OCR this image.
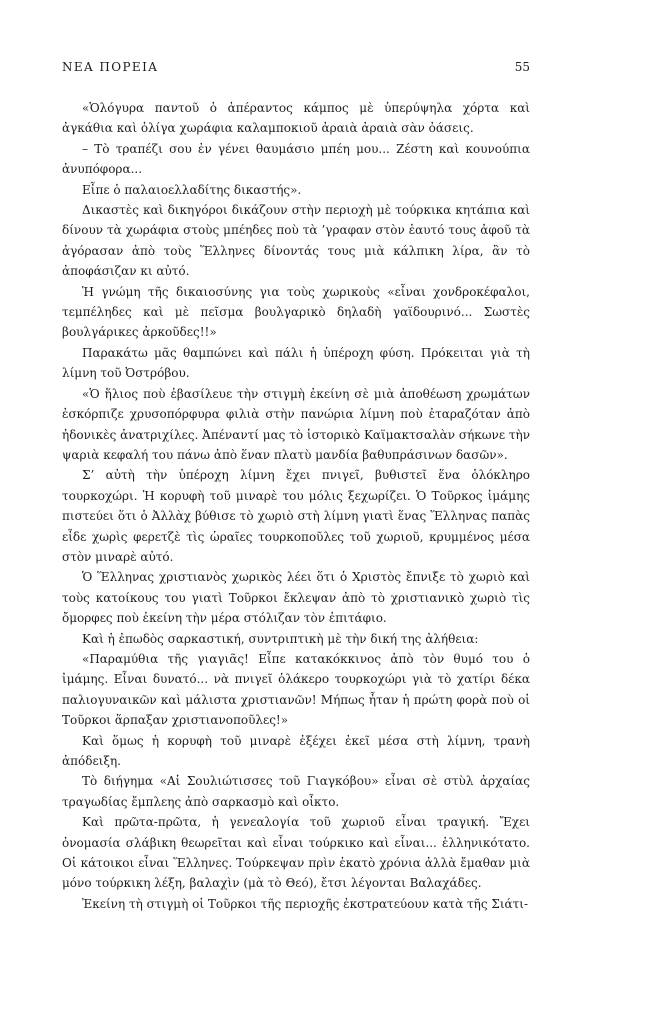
ΝΕΑ ΠΟΡΕΙΑ	55

«Ὁλόγυρα παντοῦ ὁ ἀπέραντος κάμπος μὲ ὑπερύψηλα χόρτα καὶ ἀγκάθια καὶ ὀλίγα χωράφια καλαμποκιοῦ ἀραιὰ ἀραιὰ σὰν ὀάσεις.

– Τὸ τραπέζι σου ἐν γένει θαυμάσιο μπέη μου... Ζέστη καὶ κουνούπια ἀνυπόφορα...

Εἶπε ὁ παλαιοελλαδίτης δικαστής».

Δικαστὲς καὶ δικηγόροι δικάζουν στὴν περιοχὴ μὲ τούρκικα κητάπια καὶ δίνουν τὰ χωράφια στοὺς μπέηδες ποὺ τὰ ’γραφαν στὸν ἑαυτό τους ἀφοῦ τὰ ἀγόρασαν ἀπὸ τοὺς Ἕλληνες δίνοντάς τους μιὰ κάλπικη λίρα, ἂν τὸ ἀποφάσιζαν κι αὐτό.

Ἡ γνώμη τῆς δικαιοσύνης για τοὺς χωρικοὺς «εἶναι χονδροκέφαλοι, τεμπέληδες καὶ μὲ πεῖσμα βουλγαρικὸ δηλαδὴ γαϊδουρινό... Σωστὲς βουλγάρικες ἀρκοῦδες!!»

Παρακάτω μᾶς θαμπώνει καὶ πάλι ἡ ὑπέροχη φύση. Πρόκειται γιὰ τὴ λίμνη τοῦ Ὀστρόβου.

«Ὁ ἥλιος ποὺ ἐβασίλευε τὴν στιγμὴ ἐκείνη σὲ μιὰ ἀποθέωση χρωμάτων ἐσκόρπιζε χρυσοπόρφυρα φιλιὰ στὴν πανώρια λίμνη ποὺ ἐταραζόταν ἀπὸ ἠδονικὲς ἀνατριχίλες. Ἀπέναντί μας τὸ ἱστορικὸ Καϊμακτσαλὰν σήκωνε τὴν ψαριὰ κεφαλή του πάνω ἀπὸ ἕναν πλατὺ μανδία βαθυπράσινων δασῶν».

Σ’ αὐτὴ τὴν ὑπέροχη λίμνη ἔχει πνιγεῖ, βυθιστεῖ ἕνα ὁλόκληρο τουρκοχώρι. Ἡ κορυφὴ τοῦ μιναρὲ του μόλις ξεχωρίζει. Ὁ Τοῦρκος ἰμάμης πιστεύει ὅτι ὁ Ἀλλὰχ βύθισε τὸ χωριὸ στὴ λίμνη γιατὶ ἕνας Ἕλληνας παπὰς εἶδε χωρὶς φερετζὲ τὶς ὡραῖες τουρκοποῦλες τοῦ χωριοῦ, κρυμμένος μέσα στὸν μιναρὲ αὐτό.

Ὁ Ἕλληνας χριστιανὸς χωρικὸς λέει ὅτι ὁ Χριστὸς ἔπνιξε τὸ χωριὸ καὶ τοὺς κατοίκους του γιατὶ Τοῦρκοι ἔκλεψαν ἀπὸ τὸ χριστιανικὸ χωριὸ τὶς ὄμορφες ποὺ ἐκείνη τὴν μέρα στόλιζαν τὸν ἐπιτάφιο.

Καὶ ἡ ἐπωδὸς σαρκαστική, συντριπτικὴ μὲ τὴν δική της ἀλήθεια:

«Παραμύθια τῆς γιαγιᾶς! Εἶπε κατακόκκινος ἀπὸ τὸν θυμό του ὁ ἰμάμης. Εἶναι δυνατό... νὰ πνιγεῖ ὁλάκερο τουρκοχώρι γιὰ τὸ χατίρι δέκα παλιογυναικῶν καὶ μάλιστα χριστιανῶν! Μήπως ἦταν ἡ πρώτη φορὰ ποὺ οἱ Τοῦρκοι ἅρπαξαν χριστιανοποῦλες!»

Καὶ ὅμως ἡ κορυφὴ τοῦ μιναρὲ ἐξέχει ἐκεῖ μέσα στὴ λίμνη, τρανὴ ἀπόδειξη.

Τὸ διήγημα «Αἱ Σουλιώτισσες τοῦ Γιαγκόβου» εἶναι σὲ στὺλ ἀρχαίας τραγωδίας ἔμπλεης ἀπὸ σαρκασμὸ καὶ οἶκτο.

Καὶ πρῶτα-πρῶτα, ἡ γενεαλογία τοῦ χωριοῦ εἶναι τραγική. Ἔχει ὀνομασία σλάβικη θεωρεῖται καὶ εἶναι τούρκικο καὶ εἶναι... ἑλληνικότατο. Οἱ κάτοικοι εἶναι Ἕλληνες. Τούρκεψαν πρὶν ἑκατὸ χρόνια ἀλλὰ ἔμαθαν μιὰ μόνο τούρκικη λέξη, βαλαχὶν (μὰ τὸ Θεό), ἔτσι λέγονται Βαλαχάδες.

Ἐκείνη τὴ στιγμὴ οἱ Τοῦρκοι τῆς περιοχῆς ἐκστρατεύουν κατὰ τῆς Σιάτι-
